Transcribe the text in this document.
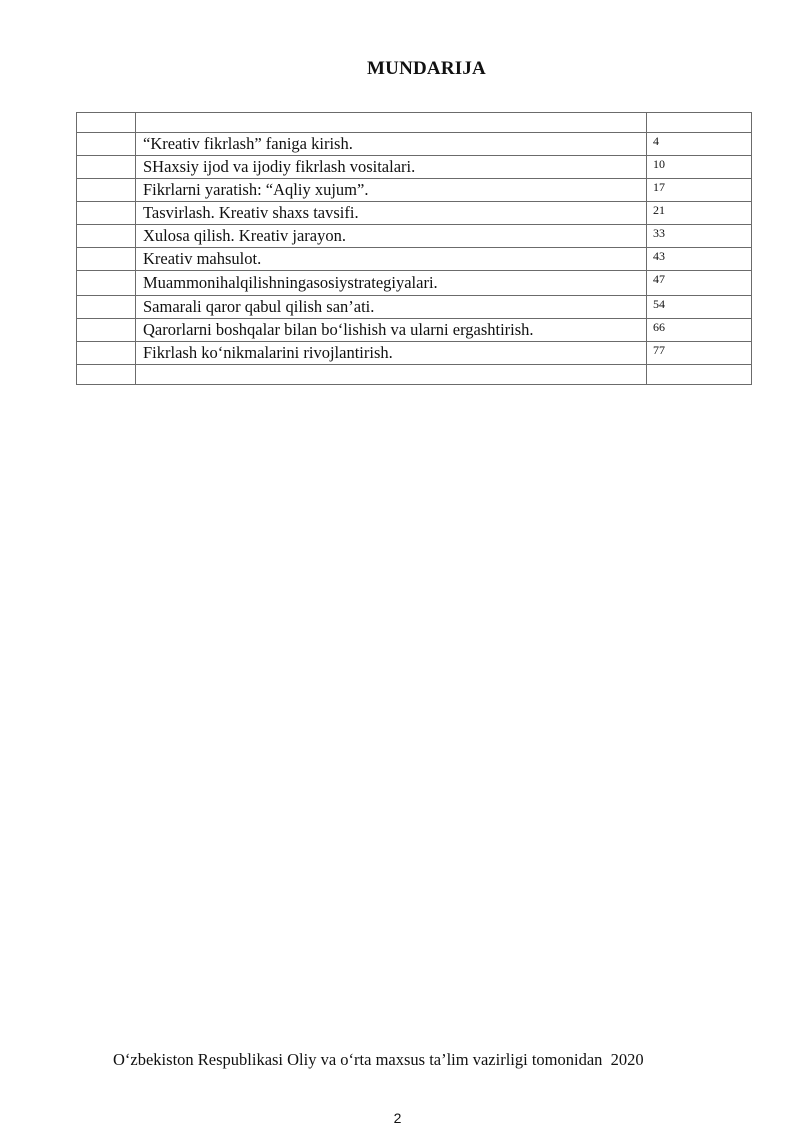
MUNDARIJA

	“Kreativ fikrlash” faniga kirish.	4
	SHaxsiy ijod va ijodiy fikrlash vositalari.	10
	Fikrlarni yaratish: “Aqliy xujum”.	17
	Tasvirlash. Kreativ shaxs tavsifi.	21
	Xulosa qilish. Kreativ jarayon.	33
	Kreativ mahsulot.	43
	Muammonihalqilishningasosiystrategiyalari.	47
	Samarali qaror qabul qilish san’ati.	54
	Qarorlarni boshqalar bilan bo‘lishish va ularni ergashtirish.	66
	Fikrlash ko‘nikmalarini rivojlantirish.	77

O‘zbekiston Respublikasi Oliy va o‘rta maxsus ta’lim vazirligi tomonidan  2020
2
